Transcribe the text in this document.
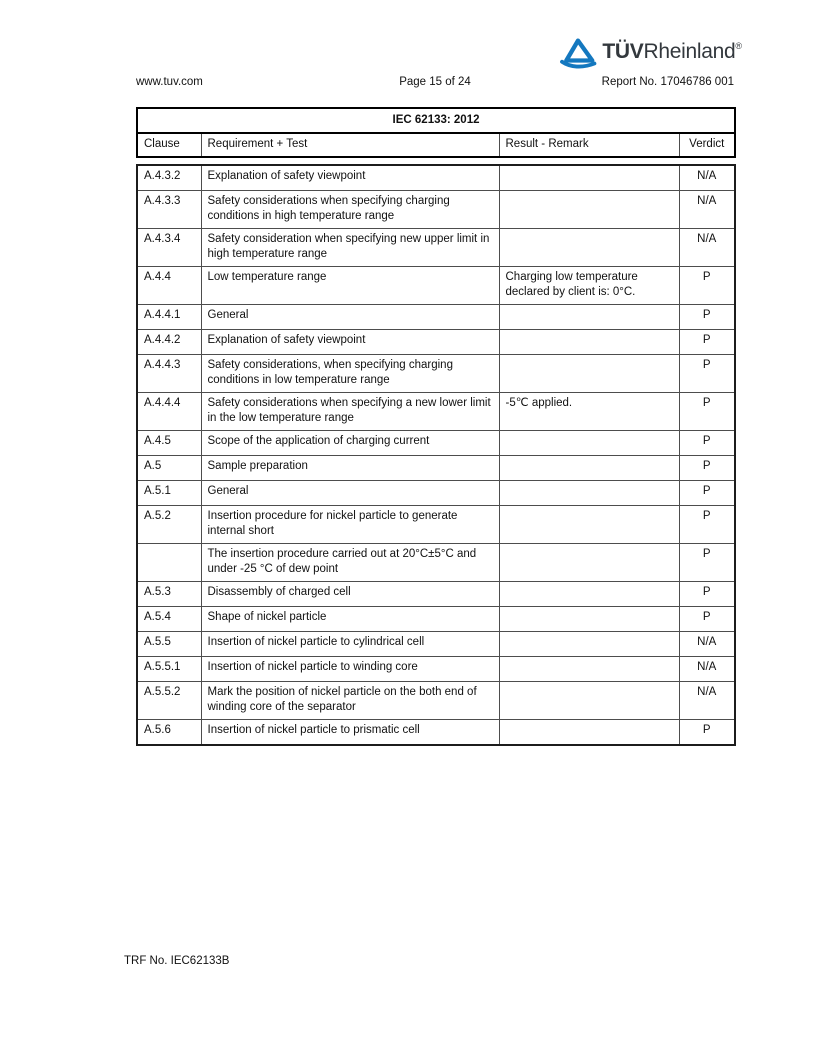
TÜVRheinland®
www.tuv.com	Page 15 of 24	Report No. 17046786 001
IEC 62133: 2012
Clause	Requirement + Test	Result - Remark	Verdict
A.4.3.2	Explanation of safety viewpoint		N/A
A.4.3.3	Safety considerations when specifying charging conditions in high temperature range		N/A
A.4.3.4	Safety consideration when specifying new upper limit in high temperature range		N/A
A.4.4	Low temperature range	Charging low temperature declared by client is: 0°C.	P
A.4.4.1	General		P
A.4.4.2	Explanation of safety viewpoint		P
A.4.4.3	Safety considerations, when specifying charging conditions in low temperature range		P
A.4.4.4	Safety considerations when specifying a new lower limit in the low temperature range	-5℃ applied.	P
A.4.5	Scope of the application of charging current		P
A.5	Sample preparation		P
A.5.1	General		P
A.5.2	Insertion procedure for nickel particle to generate internal short		P
	The insertion procedure carried out at 20°C±5°C and under -25 °C of dew point		P
A.5.3	Disassembly of charged cell		P
A.5.4	Shape of nickel particle		P
A.5.5	Insertion of nickel particle to cylindrical cell		N/A
A.5.5.1	Insertion of nickel particle to winding core		N/A
A.5.5.2	Mark the position of nickel particle on the both end of winding core of the separator		N/A
A.5.6	Insertion of nickel particle to prismatic cell		P
TRF No. IEC62133B
